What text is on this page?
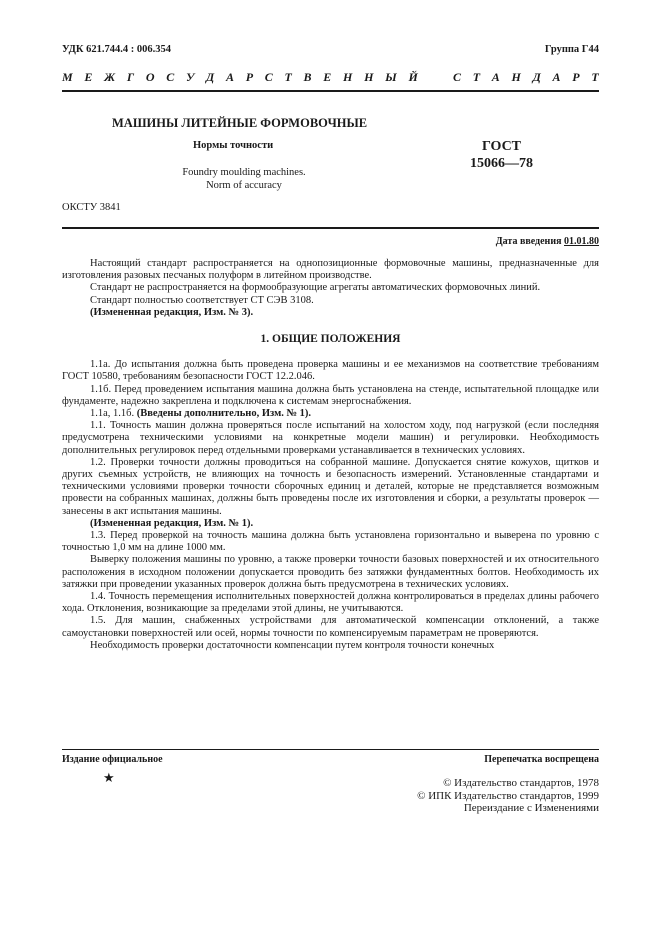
УДК 621.744.4 : 006.354	Группа Г44
М Е Ж Г О С У Д А Р С Т В Е Н Н Ы Й	С Т А Н Д А Р Т
МАШИНЫ ЛИТЕЙНЫЕ ФОРМОВОЧНЫЕ
Нормы точности
Foundry moulding machines.
Norm of accuracy
ГОСТ
15066—78
ОКСТУ 3841
Дата введения 01.01.80

Настоящий стандарт распространяется на однопозиционные формовочные машины, предназначенные для изготовления разовых песчаных полуформ в литейном производстве.

Стандарт не распространяется на формообразующие агрегаты автоматических формовочных линий.

Стандарт полностью соответствует СТ СЭВ 3108.

(Измененная редакция, Изм. № 3).

1. ОБЩИЕ ПОЛОЖЕНИЯ

1.1а. До испытания должна быть проведена проверка машины и ее механизмов на соответствие требованиям ГОСТ 10580, требованиям безопасности ГОСТ 12.2.046.

1.1б. Перед проведением испытания машина должна быть установлена на стенде, испытательной площадке или фундаменте, надежно закреплена и подключена к системам энергоснабжения.

1.1а, 1.1б. (Введены дополнительно, Изм. № 1).

1.1. Точность машин должна проверяться после испытаний на холостом ходу, под нагрузкой (если последняя предусмотрена техническими условиями на конкретные модели машин) и регулировки. Необходимость дополнительных регулировок перед отдельными проверками устанавливается в технических условиях.

1.2. Проверки точности должны проводиться на собранной машине. Допускается снятие кожухов, щитков и других съемных устройств, не влияющих на точность и безопасность измерений. Установленные стандартами и техническими условиями проверки точности сборочных единиц и деталей, которые не представляется возможным провести на собранных машинах, должны быть проведены после их изготовления и сборки, а результаты проверок — занесены в акт испытания машины.

(Измененная редакция, Изм. № 1).

1.3. Перед проверкой на точность машина должна быть установлена горизонтально и выверена по уровню с точностью 1,0 мм на длине 1000 мм.

Выверку положения машины по уровню, а также проверки точности базовых поверхностей и их относительного расположения в исходном положении допускается проводить без затяжки фундаментных болтов. Необходимость их затяжки при проведении указанных проверок должна быть предусмотрена в технических условиях.

1.4. Точность перемещения исполнительных поверхностей должна контролироваться в пределах длины рабочего хода. Отклонения, возникающие за пределами этой длины, не учитываются.

1.5. Для машин, снабженных устройствами для автоматической компенсации отклонений, а также самоустановки поверхностей или осей, нормы точности по компенсируемым параметрам не проверяются.

Необходимость проверки достаточности компенсации путем контроля точности конечных

Издание официальное	Перепечатка воспрещена
★	© Издательство стандартов, 1978
© ИПК Издательство стандартов, 1999
Переиздание с Изменениями
